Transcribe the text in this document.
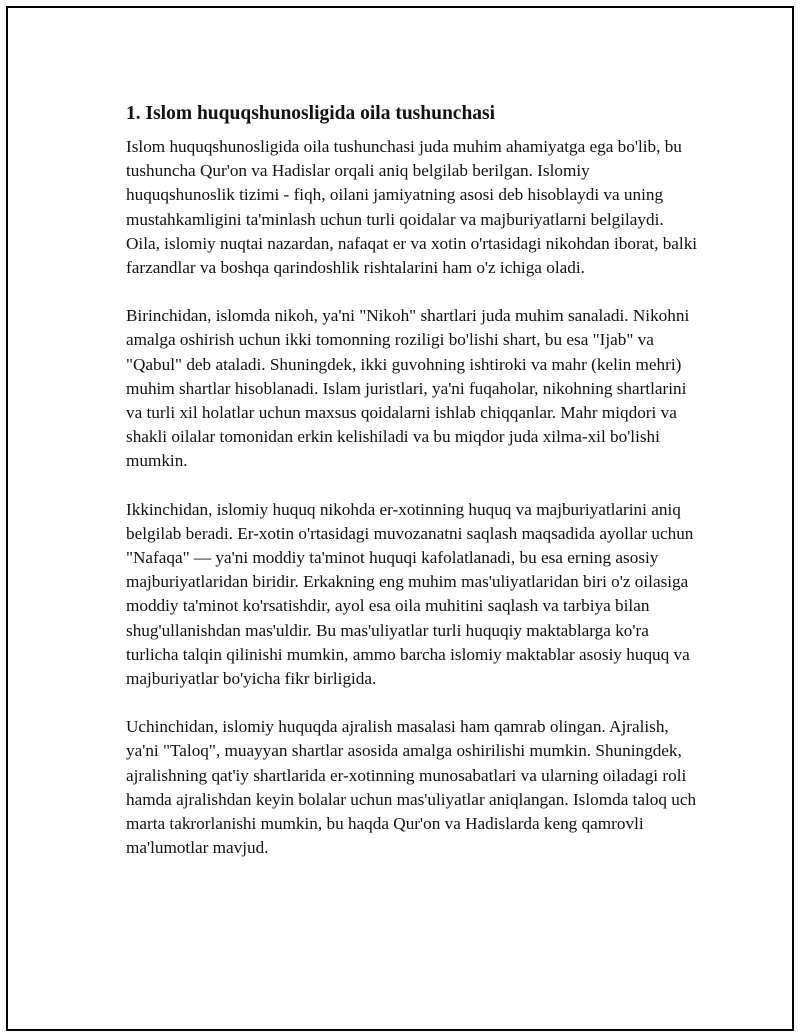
1. Islom huquqshunosligida oila tushunchasi

Islom huquqshunosligida oila tushunchasi juda muhim ahamiyatga ega bo'lib, bu tushuncha Qur'on va Hadislar orqali aniq belgilab berilgan. Islomiy huquqshunoslik tizimi - fiqh, oilani jamiyatning asosi deb hisoblaydi va uning mustahkamligini ta'minlash uchun turli qoidalar va majburiyatlarni belgilaydi. Oila, islomiy nuqtai nazardan, nafaqat er va xotin o'rtasidagi nikohdan iborat, balki farzandlar va boshqa qarindoshlik rishtalarini ham o'z ichiga oladi.

Birinchidan, islomda nikoh, ya'ni "Nikoh" shartlari juda muhim sanaladi. Nikohni amalga oshirish uchun ikki tomonning roziligi bo'lishi shart, bu esa "Ijab" va "Qabul" deb ataladi. Shuningdek, ikki guvohning ishtiroki va mahr (kelin mehri) muhim shartlar hisoblanadi. Islam juristlari, ya'ni fuqaholar, nikohning shartlarini va turli xil holatlar uchun maxsus qoidalarni ishlab chiqqanlar. Mahr miqdori va shakli oilalar tomonidan erkin kelishiladi va bu miqdor juda xilma-xil bo'lishi mumkin.

Ikkinchidan, islomiy huquq nikohda er-xotinning huquq va majburiyatlarini aniq belgilab beradi. Er-xotin o'rtasidagi muvozanatni saqlash maqsadida ayollar uchun "Nafaqa" — ya'ni moddiy ta'minot huquqi kafolatlanadi, bu esa erning asosiy majburiyatlaridan biridir. Erkakning eng muhim mas'uliyatlaridan biri o'z oilasiga moddiy ta'minot ko'rsatishdir, ayol esa oila muhitini saqlash va tarbiya bilan shug'ullanishdan mas'uldir. Bu mas'uliyatlar turli huquqiy maktablarga ko'ra turlicha talqin qilinishi mumkin, ammo barcha islomiy maktablar asosiy huquq va majburiyatlar bo'yicha fikr birligida.

Uchinchidan, islomiy huquqda ajralish masalasi ham qamrab olingan. Ajralish, ya'ni "Taloq", muayyan shartlar asosida amalga oshirilishi mumkin. Shuningdek, ajralishning qat'iy shartlarida er-xotinning munosabatlari va ularning oiladagi roli hamda ajralishdan keyin bolalar uchun mas'uliyatlar aniqlangan. Islomda taloq uch marta takrorlanishi mumkin, bu haqda Qur'on va Hadislarda keng qamrovli ma'lumotlar mavjud.
